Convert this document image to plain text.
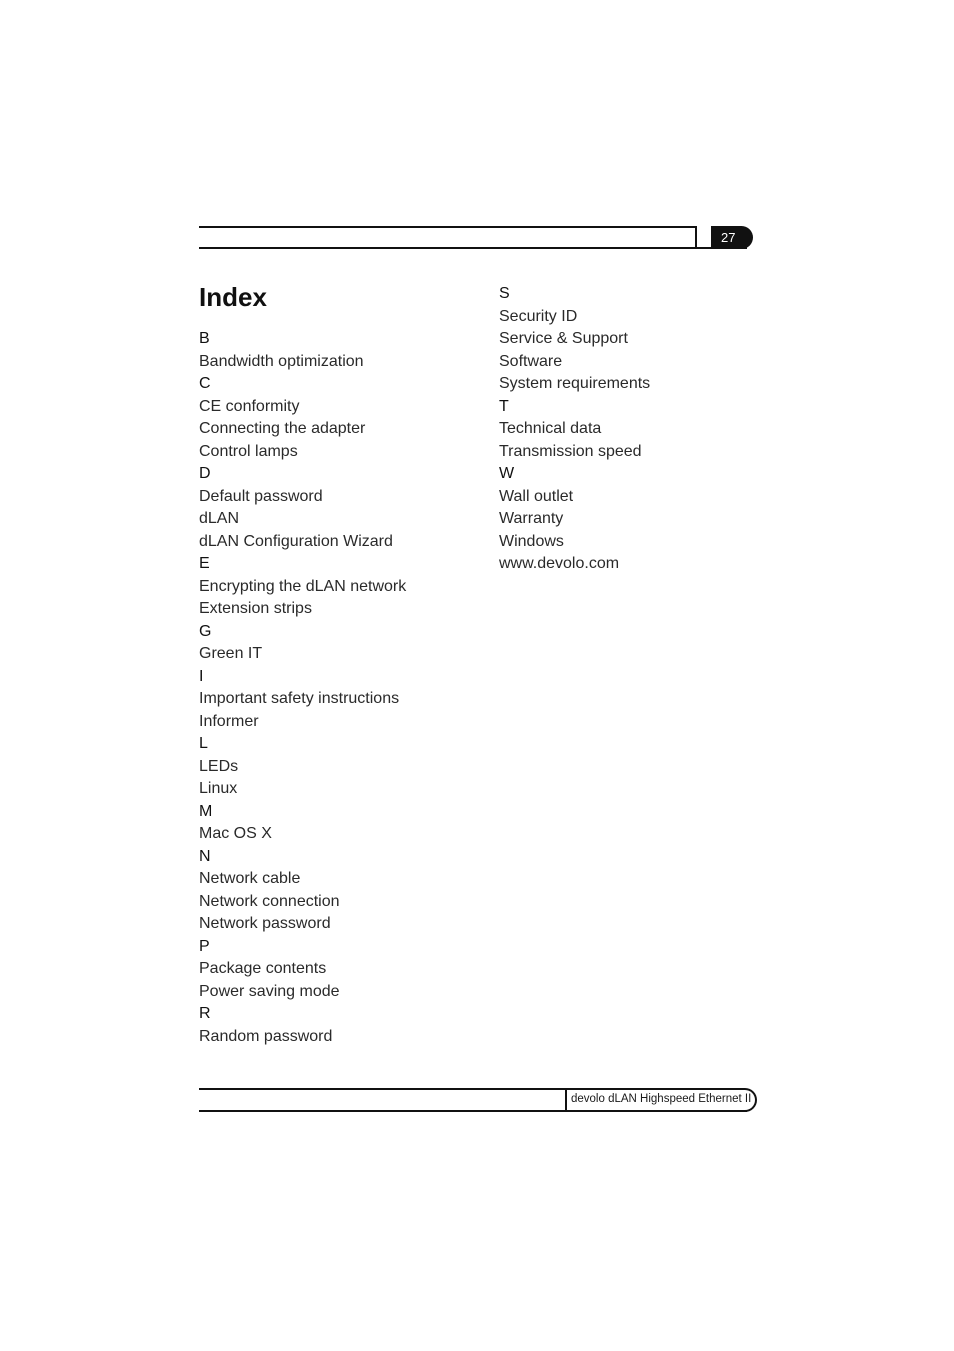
27
Index
B
Bandwidth optimization
C
CE conformity
Connecting the adapter
Control lamps
D
Default password
dLAN
dLAN Configuration Wizard
E
Encrypting the dLAN network
Extension strips
G
Green IT
I
Important safety instructions
Informer
L
LEDs
Linux
M
Mac OS X
N
Network cable
Network connection
Network password
P
Package contents
Power saving mode
R
Random password
S
Security ID
Service & Support
Software
System requirements
T
Technical data
Transmission speed
W
Wall outlet
Warranty
Windows
www.devolo.com
devolo dLAN Highspeed Ethernet II
